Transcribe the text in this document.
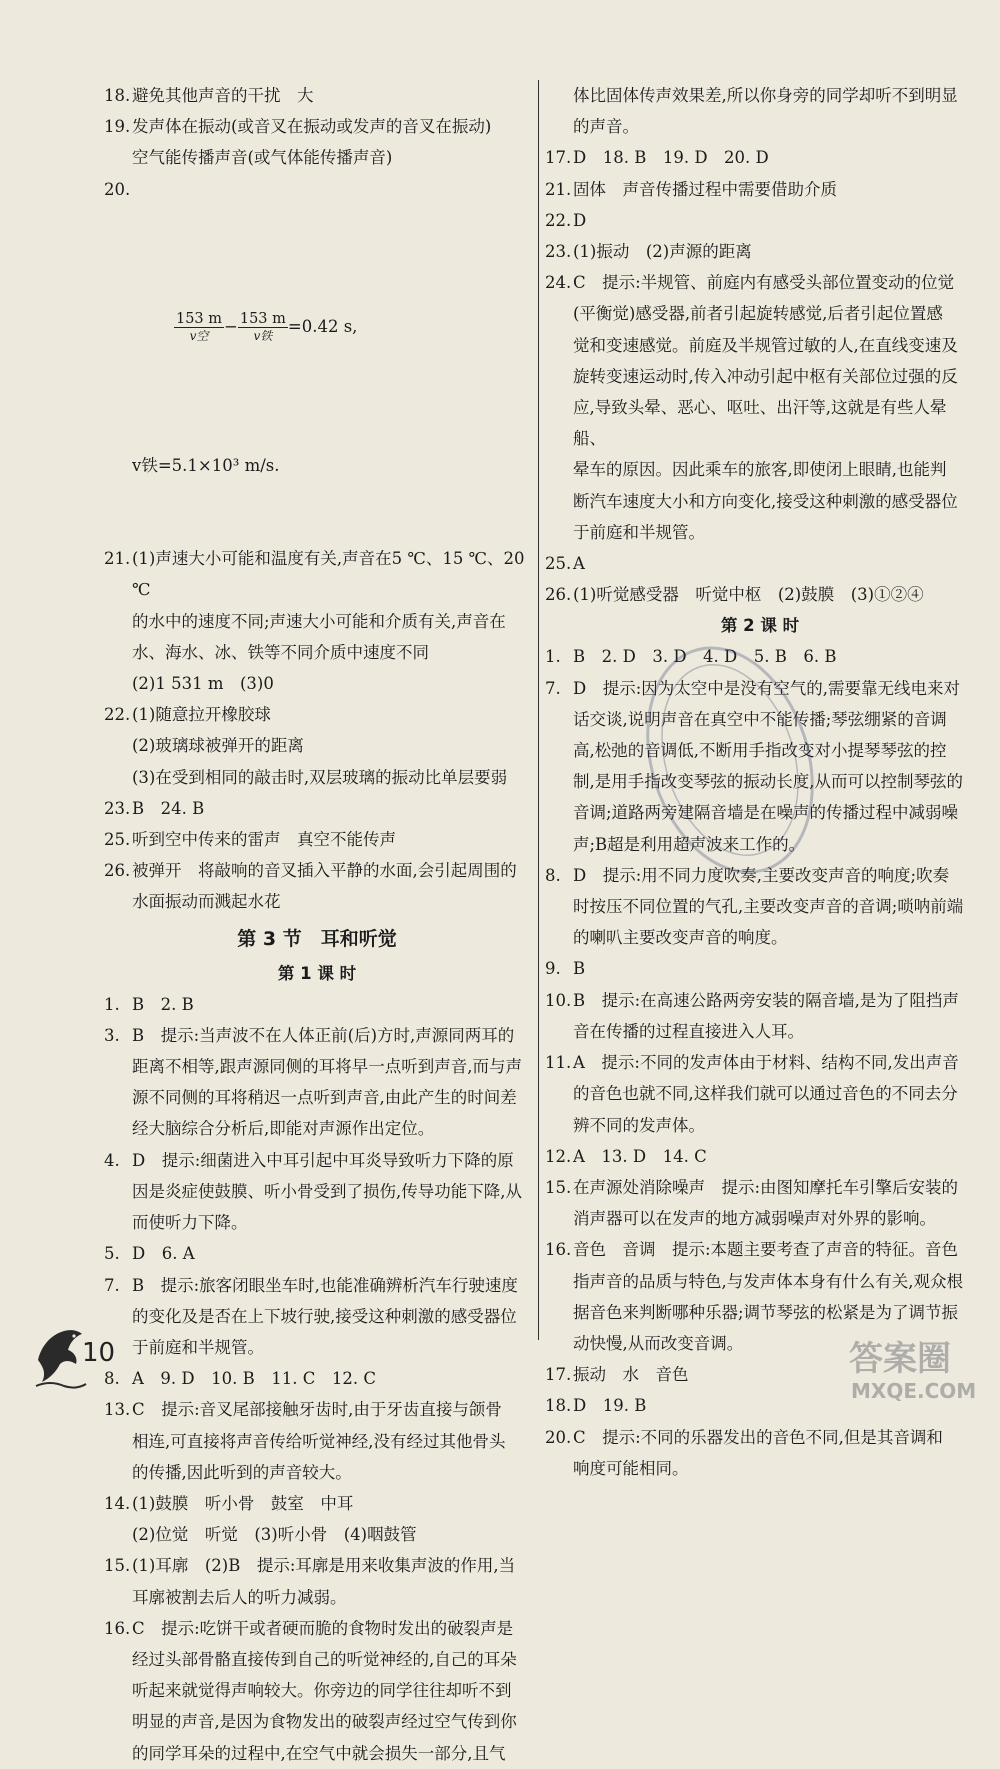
18. 避免其他声音的干扰　大
19. 发声体在振动(或音叉在振动或发声的音叉在振动)
空气能传播声音(或气体能传播声音)

20.

$\frac{153 m}{\text{v空}} - \frac{153 m}{\text{v铁}} =0.42$ s,

v铁=5.1×10³ m/s.

21. (1)声速大小可能和温度有关,声音在5 ℃、15 ℃、20 ℃
的水中的速度不同;声速大小可能和介质有关,声音在
水、海水、冰、铁等不同介质中速度不同
(2)1 531 m　(3)0
22. (1)随意拉开橡胶球
(2)玻璃球被弹开的距离
(3)在受到相同的敲击时,双层玻璃的振动比单层要弱
23. B　24. B
25. 听到空中传来的雷声　真空不能传声
26. 被弹开　将敲响的音叉插入平静的水面,会引起周围的
水面振动而溅起水花
第 3 节　耳和听觉
第 1 课 时
1. B　2. B
3. B　提示:当声波不在人体正前(后)方时,声源同两耳的
距离不相等,跟声源同侧的耳将早一点听到声音,而与声
源不同侧的耳将稍迟一点听到声音,由此产生的时间差
经大脑综合分析后,即能对声源作出定位。
4. D　提示:细菌进入中耳引起中耳炎导致听力下降的原
因是炎症使鼓膜、听小骨受到了损伤,传导功能下降,从
而使听力下降。
5. D　6. A
7. B　提示:旅客闭眼坐车时,也能准确辨析汽车行驶速度
的变化及是否在上下坡行驶,接受这种刺激的感受器位
于前庭和半规管。
8. A　9. D　10. B　11. C　12. C
13. C　提示:音叉尾部接触牙齿时,由于牙齿直接与颌骨
相连,可直接将声音传给听觉神经,没有经过其他骨头
的传播,因此听到的声音较大。
14. (1)鼓膜　听小骨　鼓室　中耳
(2)位觉　听觉　(3)听小骨　(4)咽鼓管
15. (1)耳廓　(2)B　提示:耳廓是用来收集声波的作用,当
耳廓被割去后人的听力减弱。
16. C　提示:吃饼干或者硬而脆的食物时发出的破裂声是
经过头部骨骼直接传到自己的听觉神经的,自己的耳朵
听起来就觉得声响较大。你旁边的同学往往却听不到
明显的声音,是因为食物发出的破裂声经过空气传到你
的同学耳朵的过程中,在空气中就会损失一部分,且气
体比固体传声效果差,所以你身旁的同学却听不到明显
的声音。
17. D　18. B　19. D　20. D
21. 固体　声音传播过程中需要借助介质
22. D
23. (1)振动　(2)声源的距离
24. C　提示:半规管、前庭内有感受头部位置变动的位觉
(平衡觉)感受器,前者引起旋转感觉,后者引起位置感
觉和变速感觉。前庭及半规管过敏的人,在直线变速及
旋转变速运动时,传入冲动引起中枢有关部位过强的反
应,导致头晕、恶心、呕吐、出汗等,这就是有些人晕船、
晕车的原因。因此乘车的旅客,即使闭上眼睛,也能判
断汽车速度大小和方向变化,接受这种刺激的感受器位
于前庭和半规管。
25. A
26. (1)听觉感受器　听觉中枢　(2)鼓膜　(3)①②④
第 2 课 时
1. B　2. D　3. D　4. D　5. B　6. B
7. D　提示:因为太空中是没有空气的,需要靠无线电来对
话交谈,说明声音在真空中不能传播;琴弦绷紧的音调
高,松弛的音调低,不断用手指改变对小提琴琴弦的控
制,是用手指改变琴弦的振动长度,从而可以控制琴弦的
音调;道路两旁建隔音墙是在噪声的传播过程中减弱噪
声;B超是利用超声波来工作的。
8. D　提示:用不同力度吹奏,主要改变声音的响度;吹奏
时按压不同位置的气孔,主要改变声音的音调;唢呐前端
的喇叭主要改变声音的响度。
9. B
10. B　提示:在高速公路两旁安装的隔音墙,是为了阻挡声
音在传播的过程直接进入人耳。
11. A　提示:不同的发声体由于材料、结构不同,发出声音
的音色也就不同,这样我们就可以通过音色的不同去分
辨不同的发声体。
12. A　13. D　14. C
15. 在声源处消除噪声　提示:由图知摩托车引擎后安装的
消声器可以在发声的地方减弱噪声对外界的影响。
16. 音色　音调　提示:本题主要考查了声音的特征。音色
指声音的品质与特色,与发声体本身有什么有关,观众根
据音色来判断哪种乐器;调节琴弦的松紧是为了调节振
动快慢,从而改变音调。
17. 振动　水　音色
18. D　19. B
20. C　提示:不同的乐器发出的音色不同,但是其音调和
响度可能相同。
10	答案圈
MXQE.COM
